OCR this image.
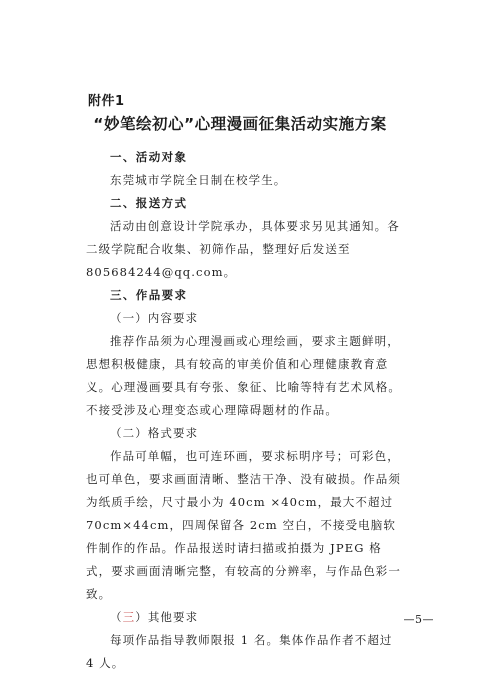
附件1
“妙笔绘初心”心理漫画征集活动实施方案

一、活动对象

东莞城市学院全日制在校学生。

二、报送方式

活动由创意设计学院承办，具体要求另见其通知。各二级学院配合收集、初筛作品，整理好后发送至 805684244@qq.com。

三、作品要求

（一）内容要求

推荐作品须为心理漫画或心理绘画，要求主题鲜明，思想积极健康，具有较高的审美价值和心理健康教育意义。心理漫画要具有夸张、象征、比喻等特有艺术风格。不接受涉及心理变态或心理障碍题材的作品。

（二）格式要求

作品可单幅，也可连环画，要求标明序号；可彩色，也可单色，要求画面清晰、整洁干净、没有破损。作品须为纸质手绘，尺寸最小为 40cm ×40cm，最大不超过 70cm×44cm，四周保留各 2cm 空白，不接受电脑软件制作的作品。作品报送时请扫描或拍摄为 JPEG 格式，要求画面清晰完整，有较高的分辨率，与作品色彩一致。

（三）其他要求

每项作品指导教师限报 1 名。集体作品作者不超过 4 人。

—5—
